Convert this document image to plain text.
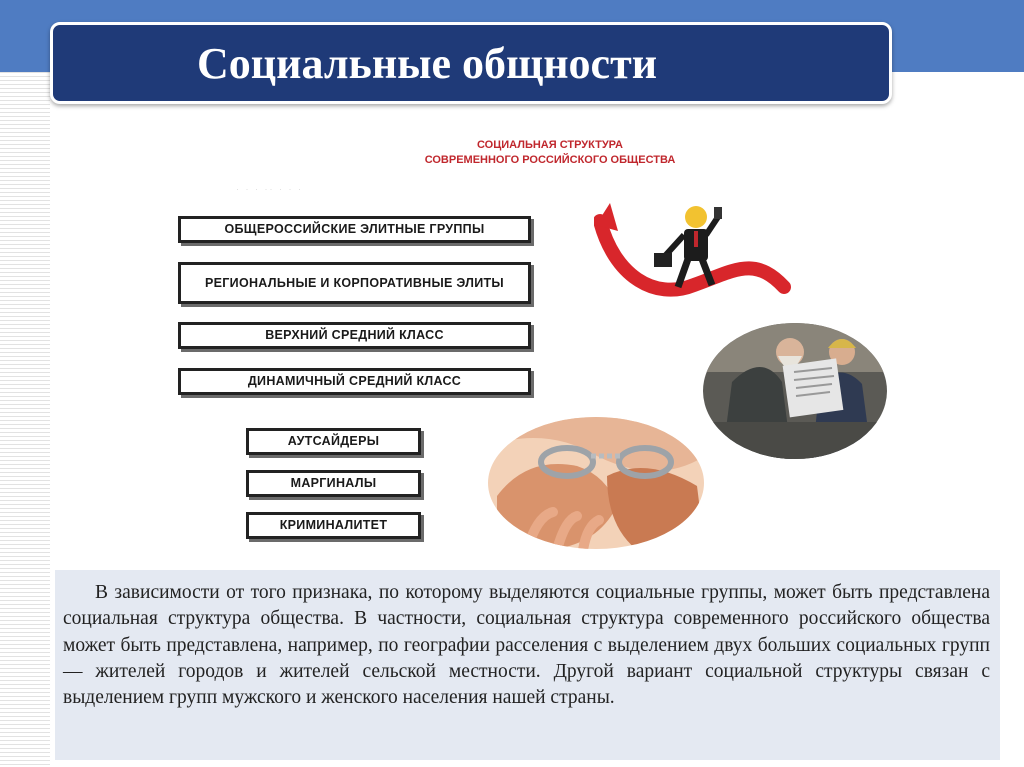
Социальные общности
СОЦИАЛЬНАЯ СТРУКТУРА
СОВРЕМЕННОГО РОССИЙСКОГО ОБЩЕСТВА
· · · ·· · · ·
ОБЩЕРОССИЙСКИЕ ЭЛИТНЫЕ ГРУППЫ
РЕГИОНАЛЬНЫЕ И КОРПОРАТИВНЫЕ ЭЛИТЫ
ВЕРХНИЙ СРЕДНИЙ КЛАСС
ДИНАМИЧНЫЙ СРЕДНИЙ КЛАСС
АУТСАЙДЕРЫ
МАРГИНАЛЫ
КРИМИНАЛИТЕТ

В зависимости от того признака, по которому выделяются социальные группы, может быть представлена социальная структура общества. В частности, социальная структура современного российского общества может быть представлена, например, по географии расселения с выделением двух больших социальных групп — жителей городов и жителей сельской местности. Другой вариант социальной структуры связан с выделением групп мужского и женского населения нашей страны.
